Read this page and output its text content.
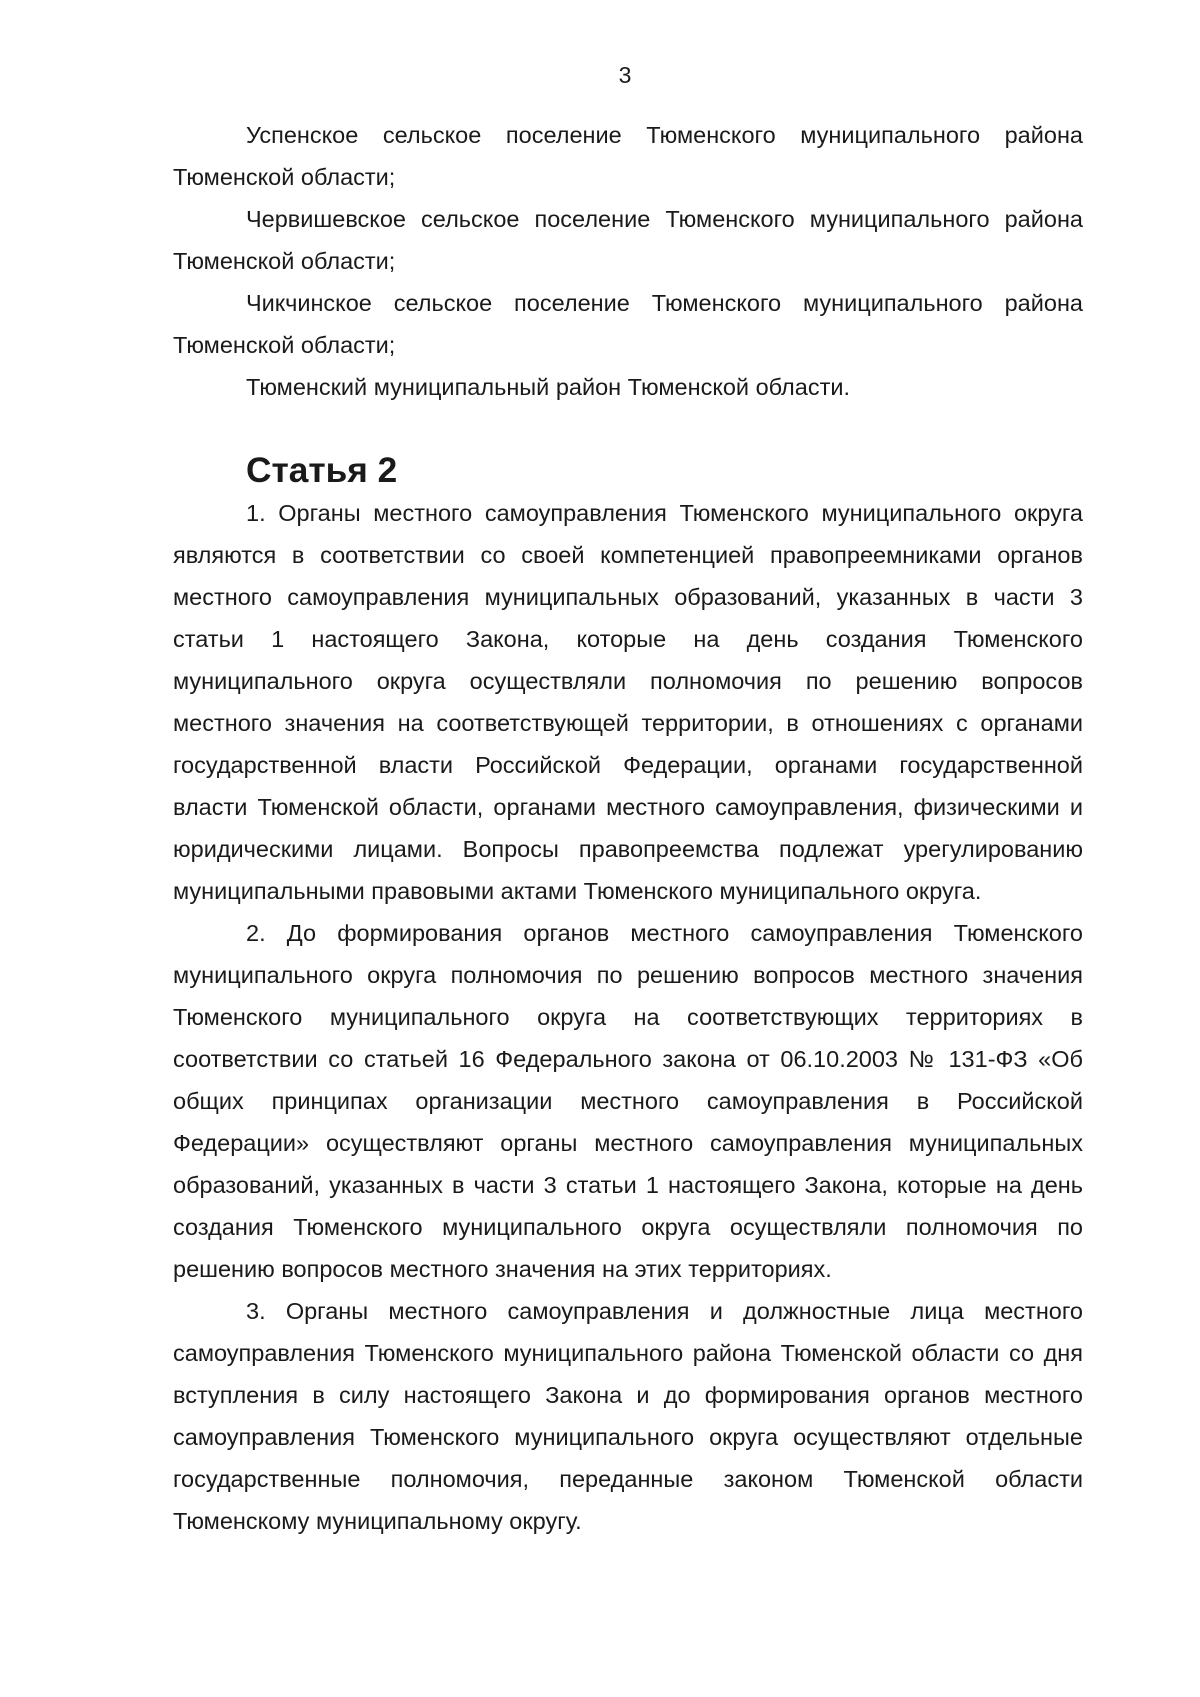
3

Успенское сельское поселение Тюменского муниципального района Тюменской области;

Червишевское сельское поселение Тюменского муниципального района Тюменской области;

Чикчинское сельское поселение Тюменского муниципального района Тюменской области;

Тюменский муниципальный район Тюменской области.

Статья 2

1. Органы местного самоуправления Тюменского муниципального округа являются в соответствии со своей компетенцией правопреемниками органов местного самоуправления муниципальных образований, указанных в части 3 статьи 1 настоящего Закона, которые на день создания Тюменского муниципального округа осуществляли полномочия по решению вопросов местного значения на соответствующей территории, в отношениях с органами государственной власти Российской Федерации, органами государственной власти Тюменской области, органами местного самоуправления, физическими и юридическими лицами. Вопросы правопреемства подлежат урегулированию муниципальными правовыми актами Тюменского муниципального округа.

2. До формирования органов местного самоуправления Тюменского муниципального округа полномочия по решению вопросов местного значения Тюменского муниципального округа на соответствующих территориях в соответствии со статьей 16 Федерального закона от 06.10.2003 № 131-ФЗ «Об общих принципах организации местного самоуправления в Российской Федерации» осуществляют органы местного самоуправления муниципальных образований, указанных в части 3 статьи 1 настоящего Закона, которые на день создания Тюменского муниципального округа осуществляли полномочия по решению вопросов местного значения на этих территориях.

3. Органы местного самоуправления и должностные лица местного самоуправления Тюменского муниципального района Тюменской области со дня вступления в силу настоящего Закона и до формирования органов местного самоуправления Тюменского муниципального округа осуществляют отдельные государственные полномочия, переданные законом Тюменской области Тюменскому муниципальному округу.
